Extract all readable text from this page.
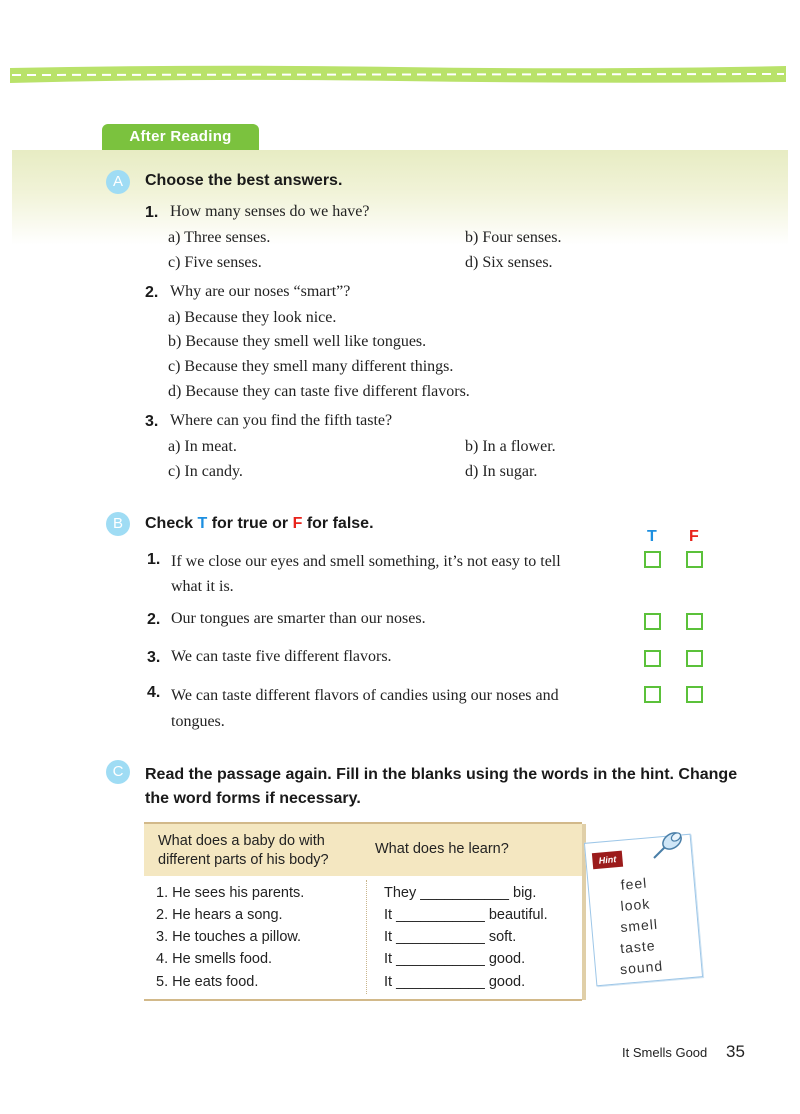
After Reading
A	Choose the best answers.
1. How many senses do we have?
a) Three senses.	b) Four senses.
c) Five senses.	d) Six senses.
2. Why are our noses “smart”?
a) Because they look nice.
b) Because they smell well like tongues.
c) Because they smell many different things.
d) Because they can taste five different flavors.
3. Where can you find the fifth taste?
a) In meat.	b) In a flower.
c) In candy.	d) In sugar.
B	Check T for true or F for false.
T F
1. If we close our eyes and smell something, it’s not easy to tell
what it is.
2. Our tongues are smarter than our noses.
3. We can taste five different flavors.
4. We can taste different flavors of candies using our noses and
tongues.
C	Read the passage again. Fill in the blanks using the words in the hint. Change the word forms if necessary.
What does a baby do with different parts of his body?
What does he learn?
1. He sees his parents.	They ___________ big.
2. He hears a song.	It ___________ beautiful.
3. He touches a pillow.	It ___________ soft.
4. He smells food.	It ___________ good.
5. He eats food.	It ___________ good.
Hint
feel
look
smell
taste
sound
It Smells Good 35
